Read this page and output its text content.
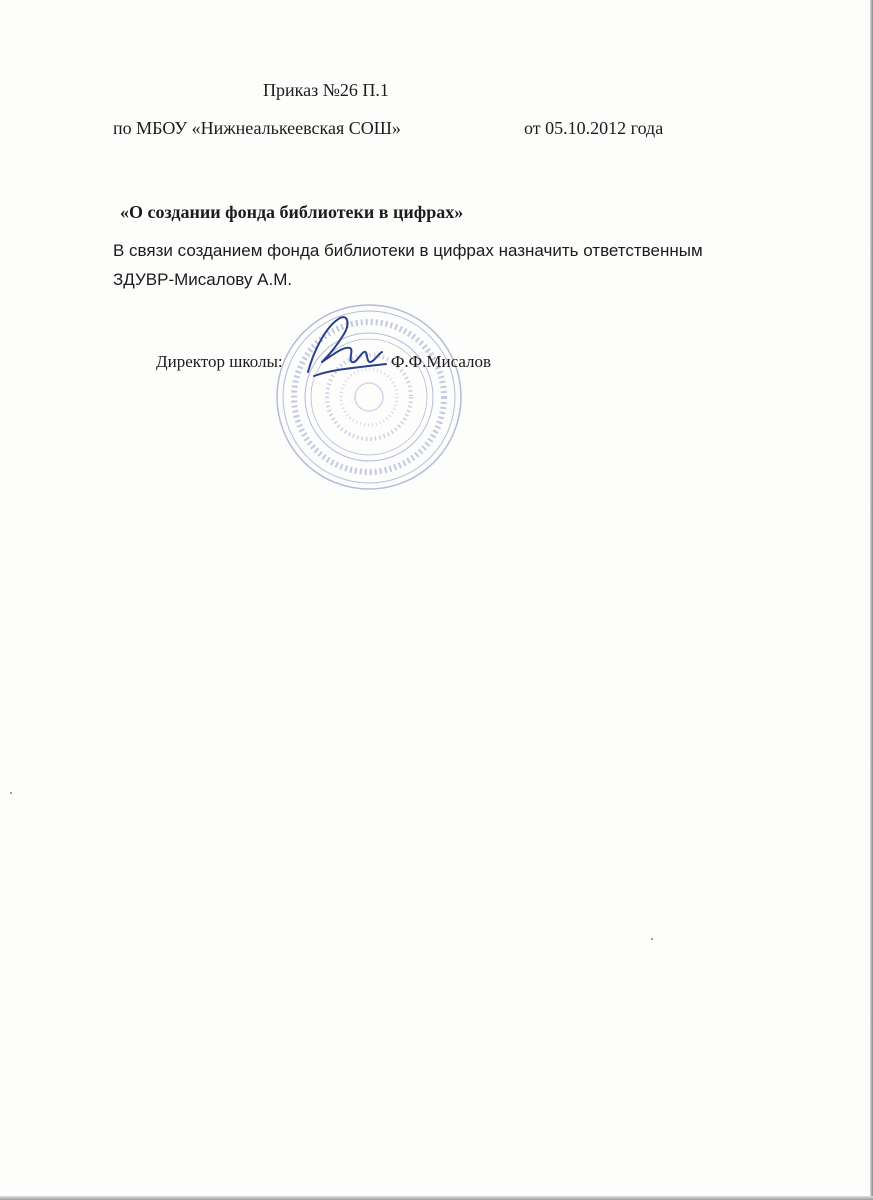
Приказ №26 П.1
по МБОУ «Нижнеалькеевская СОШ»	от 05.10.2012 года
«О создании фонда библиотеки в цифрах»
В связи созданием фонда библиотеки в цифрах назначить ответственным
ЗДУВР-Мисалову А.М.
Директор школы:	Ф.Ф.Мисалов
